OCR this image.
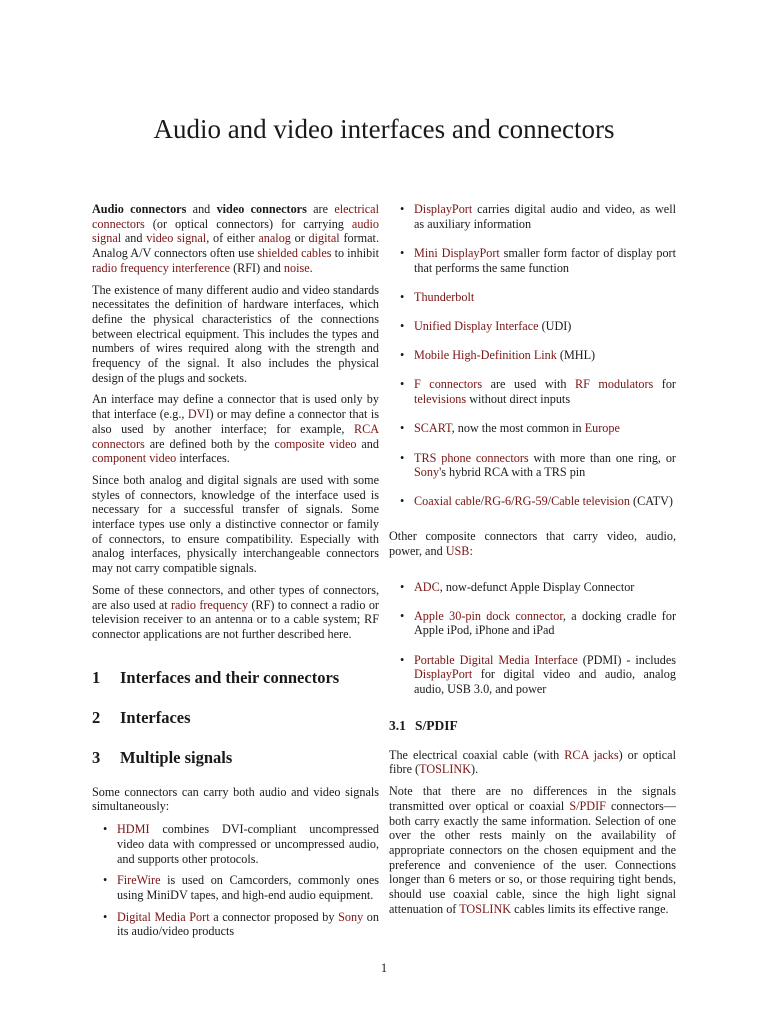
Audio and video interfaces and connectors

Audio connectors and video connectors are electrical connectors (or optical connectors) for carrying audio signal and video signal, of either analog or digital format. Analog A/V connectors often use shielded cables to inhibit radio frequency interference (RFI) and noise.

The existence of many different audio and video standards necessitates the definition of hardware interfaces, which define the physical characteristics of the connections between electrical equipment. This includes the types and numbers of wires required along with the strength and frequency of the signal. It also includes the physical design of the plugs and sockets.

An interface may define a connector that is used only by that interface (e.g., DVI) or may define a connector that is also used by another interface; for example, RCA connectors are defined both by the composite video and component video interfaces.

Since both analog and digital signals are used with some styles of connectors, knowledge of the interface used is necessary for a successful transfer of signals. Some interface types use only a distinctive connector or family of connectors, to ensure compatibility. Especially with analog interfaces, physically interchangeable connectors may not carry compatible signals.

Some of these connectors, and other types of connectors, are also used at radio frequency (RF) to connect a radio or television receiver to an antenna or to a cable system; RF connector applications are not further described here.

1 Interfaces and their connectors
2 Interfaces
3 Multiple signals

Some connectors can carry both audio and video signals simultaneously:

• HDMI combines DVI-compliant uncompressed video data with compressed or uncompressed audio, and supports other protocols.
• FireWire is used on Camcorders, commonly ones using MiniDV tapes, and high-end audio equipment.
• Digital Media Port a connector proposed by Sony on its audio/video products
• DisplayPort carries digital audio and video, as well as auxiliary information
• Mini DisplayPort smaller form factor of display port that performs the same function
• Thunderbolt
• Unified Display Interface (UDI)
• Mobile High-Definition Link (MHL)
• F connectors are used with RF modulators for televisions without direct inputs
• SCART, now the most common in Europe
• TRS phone connectors with more than one ring, or Sony's hybrid RCA with a TRS pin
• Coaxial cable/RG-6/RG-59/Cable television (CATV)

Other composite connectors that carry video, audio, power, and USB:

• ADC, now-defunct Apple Display Connector
• Apple 30-pin dock connector, a docking cradle for Apple iPod, iPhone and iPad
• Portable Digital Media Interface (PDMI) - includes DisplayPort for digital video and audio, analog audio, USB 3.0, and power
3.1 S/PDIF

The electrical coaxial cable (with RCA jacks) or optical fibre (TOSLINK).

Note that there are no differences in the signals transmitted over optical or coaxial S/PDIF connectors—both carry exactly the same information. Selection of one over the other rests mainly on the availability of appropriate connectors on the chosen equipment and the preference and convenience of the user. Connections longer than 6 meters or so, or those requiring tight bends, should use coaxial cable, since the high light signal attenuation of TOSLINK cables limits its effective range.

1
